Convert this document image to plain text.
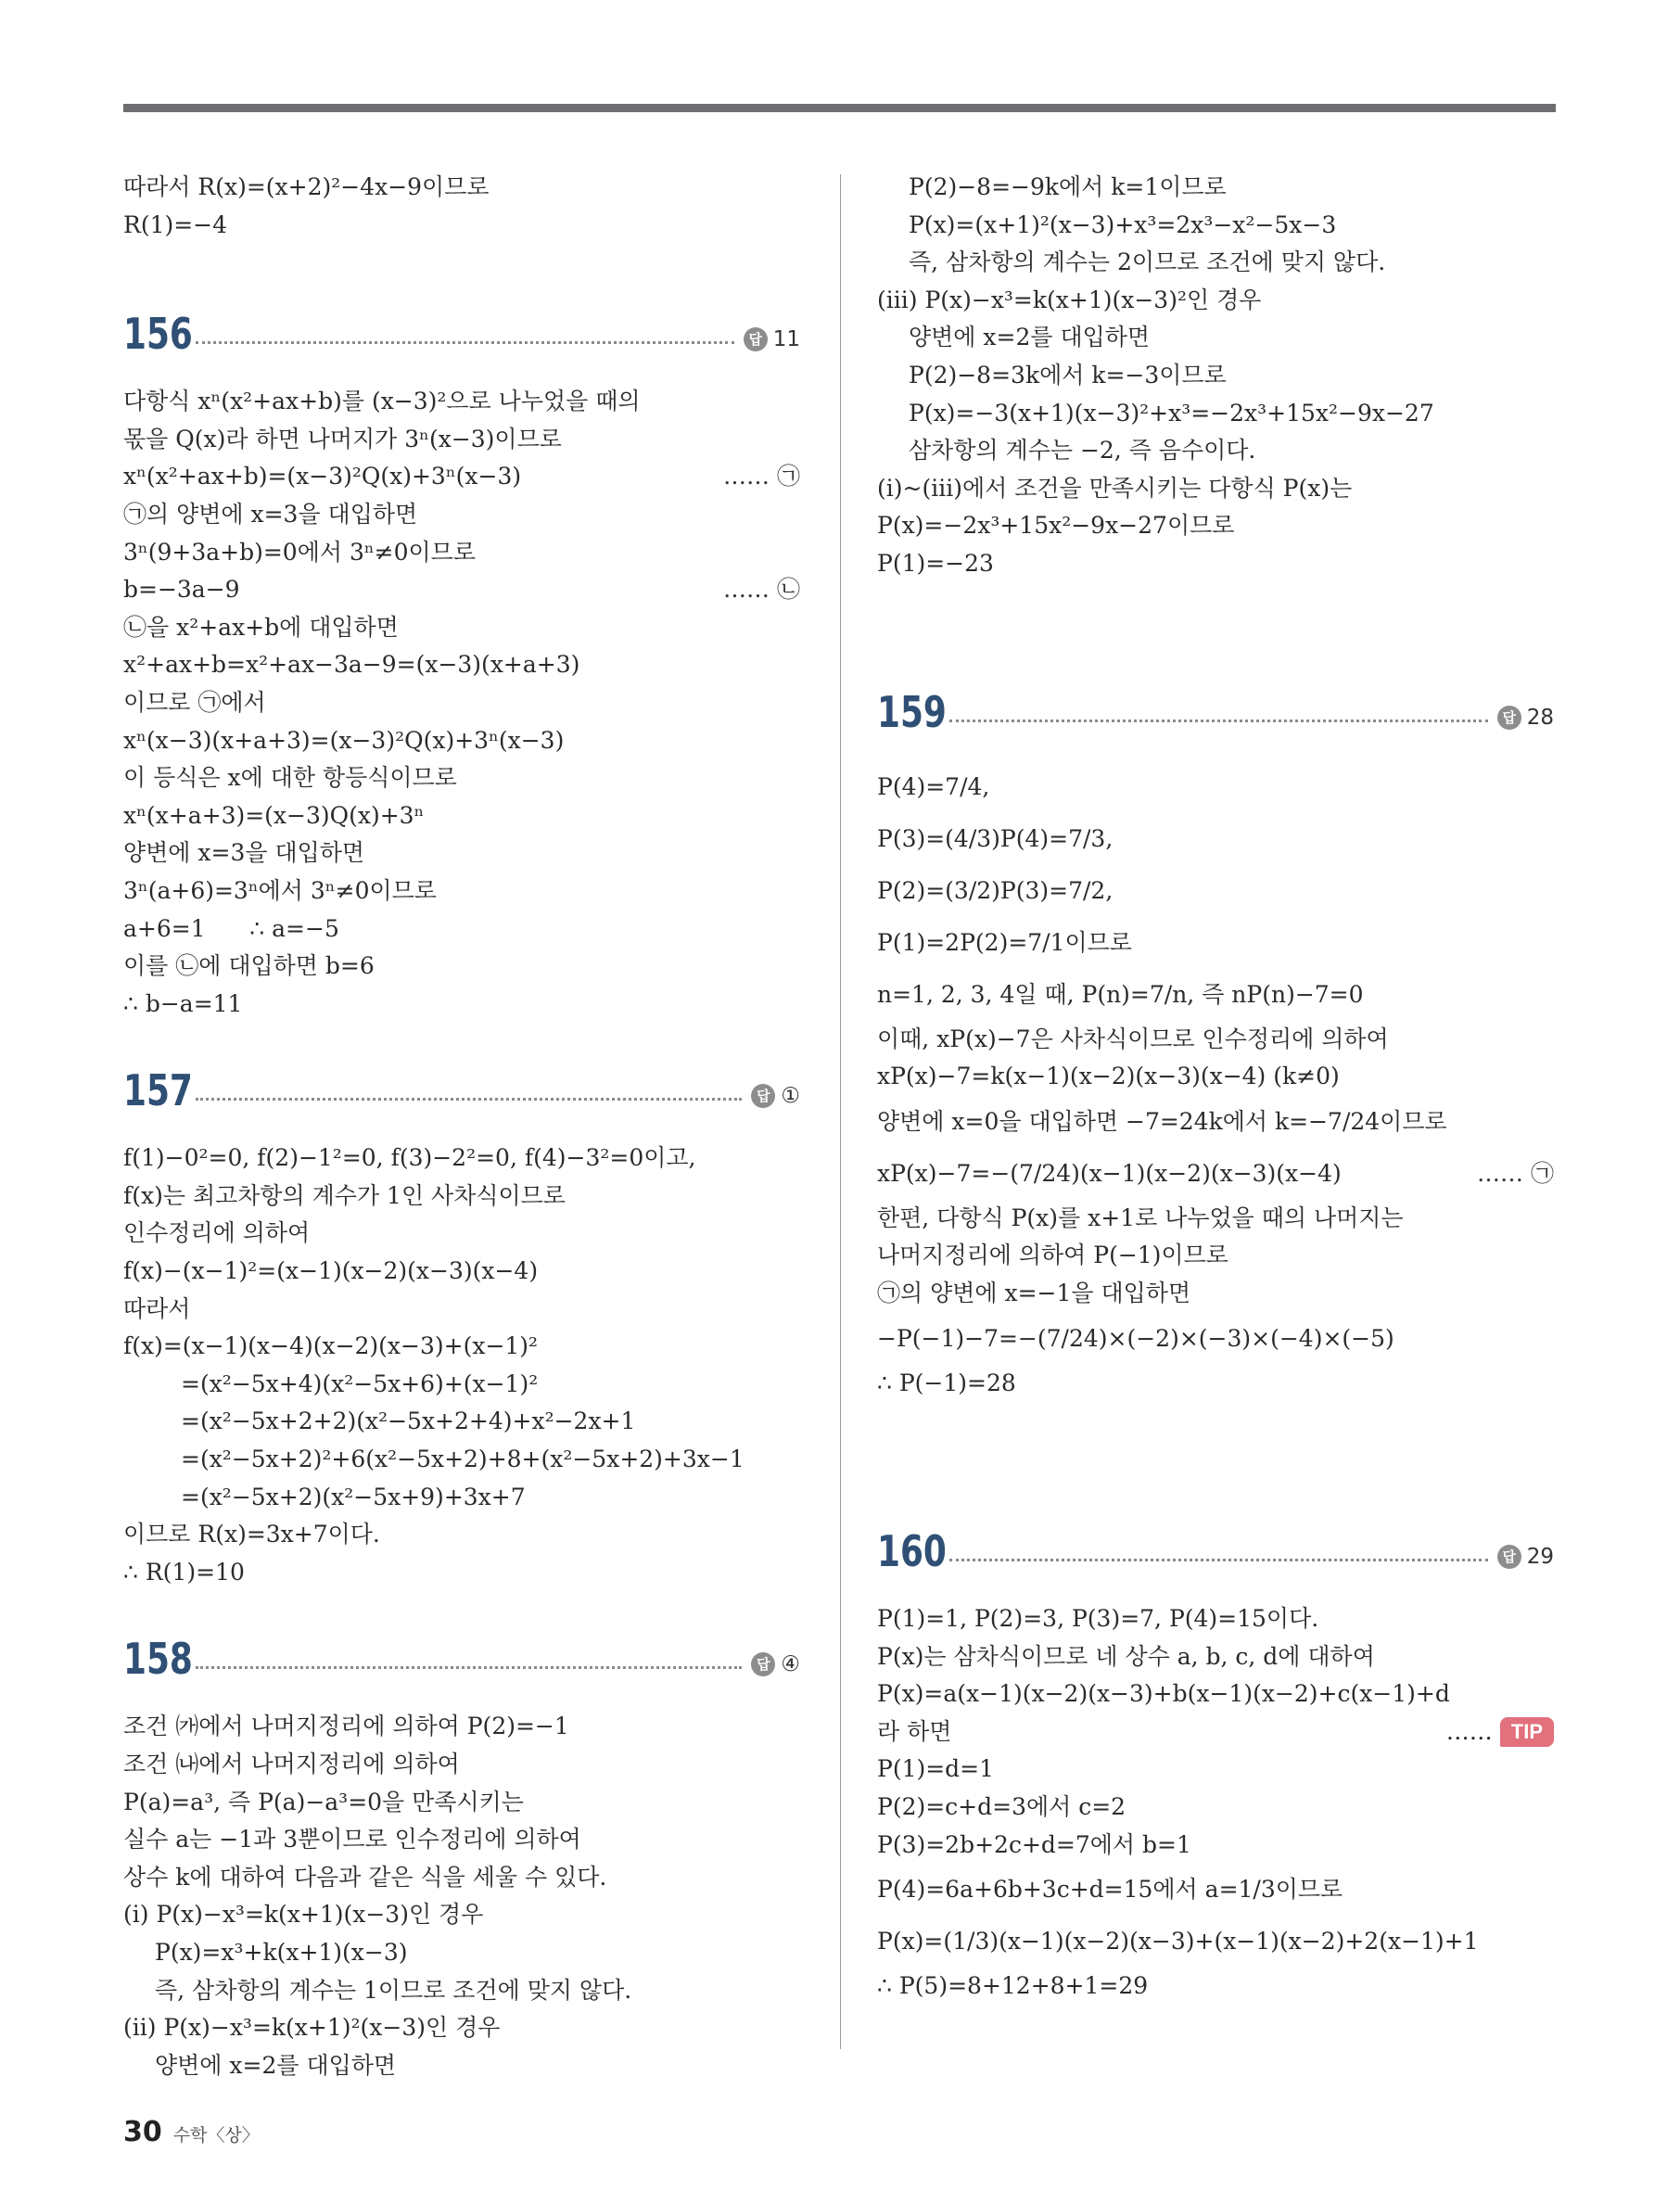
따라서 R(x)=(x+2)²−4x−9이므로
R(1)=−4
156	답 11
다항식 xⁿ(x²+ax+b)를 (x−3)²으로 나누었을 때의
몫을 Q(x)라 하면 나머지가 3ⁿ(x−3)이므로
xⁿ(x²+ax+b)=(x−3)²Q(x)+3ⁿ(x−3)	…… ㉠
㉠의 양변에 x=3을 대입하면
3ⁿ(9+3a+b)=0에서 3ⁿ≠0이므로
b=−3a−9	…… ㉡
㉡을 x²+ax+b에 대입하면
x²+ax+b=x²+ax−3a−9=(x−3)(x+a+3)
이므로 ㉠에서
xⁿ(x−3)(x+a+3)=(x−3)²Q(x)+3ⁿ(x−3)
이 등식은 x에 대한 항등식이므로
xⁿ(x+a+3)=(x−3)Q(x)+3ⁿ
양변에 x=3을 대입하면
3ⁿ(a+6)=3ⁿ에서 3ⁿ≠0이므로
a+6=1      ∴ a=−5
이를 ㉡에 대입하면 b=6
∴ b−a=11
157	답 ①
f(1)−0²=0, f(2)−1²=0, f(3)−2²=0, f(4)−3²=0이고,
f(x)는 최고차항의 계수가 1인 사차식이므로
인수정리에 의하여
f(x)−(x−1)²=(x−1)(x−2)(x−3)(x−4)
따라서
f(x)=(x−1)(x−4)(x−2)(x−3)+(x−1)²
=(x²−5x+4)(x²−5x+6)+(x−1)²
=(x²−5x+2+2)(x²−5x+2+4)+x²−2x+1
=(x²−5x+2)²+6(x²−5x+2)+8+(x²−5x+2)+3x−1
=(x²−5x+2)(x²−5x+9)+3x+7
이므로 R(x)=3x+7이다.
∴ R(1)=10
158	답 ④
조건 ㈎에서 나머지정리에 의하여 P(2)=−1
조건 ㈏에서 나머지정리에 의하여
P(a)=a³, 즉 P(a)−a³=0을 만족시키는
실수 a는 −1과 3뿐이므로 인수정리에 의하여
상수 k에 대하여 다음과 같은 식을 세울 수 있다.
(ⅰ) P(x)−x³=k(x+1)(x−3)인 경우
P(x)=x³+k(x+1)(x−3)
즉, 삼차항의 계수는 1이므로 조건에 맞지 않다.
(ⅱ) P(x)−x³=k(x+1)²(x−3)인 경우
양변에 x=2를 대입하면
P(2)−8=−9k에서 k=1이므로
P(x)=(x+1)²(x−3)+x³=2x³−x²−5x−3
즉, 삼차항의 계수는 2이므로 조건에 맞지 않다.
(ⅲ) P(x)−x³=k(x+1)(x−3)²인 경우
양변에 x=2를 대입하면
P(2)−8=3k에서 k=−3이므로
P(x)=−3(x+1)(x−3)²+x³=−2x³+15x²−9x−27
삼차항의 계수는 −2, 즉 음수이다.
(ⅰ)~(ⅲ)에서 조건을 만족시키는 다항식 P(x)는
P(x)=−2x³+15x²−9x−27이므로
P(1)=−23
159	답 28
P(4)=7/4,
P(3)=(4/3)P(4)=7/3,
P(2)=(3/2)P(3)=7/2,
P(1)=2P(2)=7/1이므로
n=1, 2, 3, 4일 때, P(n)=7/n, 즉 nP(n)−7=0
이때, xP(x)−7은 사차식이므로 인수정리에 의하여
xP(x)−7=k(x−1)(x−2)(x−3)(x−4) (k≠0)
양변에 x=0을 대입하면 −7=24k에서 k=−7/24이므로
xP(x)−7=−(7/24)(x−1)(x−2)(x−3)(x−4)	…… ㉠
한편, 다항식 P(x)를 x+1로 나누었을 때의 나머지는
나머지정리에 의하여 P(−1)이므로
㉠의 양변에 x=−1을 대입하면
−P(−1)−7=−(7/24)×(−2)×(−3)×(−4)×(−5)
∴ P(−1)=28
160	답 29
P(1)=1, P(2)=3, P(3)=7, P(4)=15이다.
P(x)는 삼차식이므로 네 상수 a, b, c, d에 대하여
P(x)=a(x−1)(x−2)(x−3)+b(x−1)(x−2)+c(x−1)+d
라 하면	…… TIP
P(1)=d=1
P(2)=c+d=3에서 c=2
P(3)=2b+2c+d=7에서 b=1
P(4)=6a+6b+3c+d=15에서 a=1/3이므로
P(x)=(1/3)(x−1)(x−2)(x−3)+(x−1)(x−2)+2(x−1)+1
∴ P(5)=8+12+8+1=29
30 수학〈상〉
